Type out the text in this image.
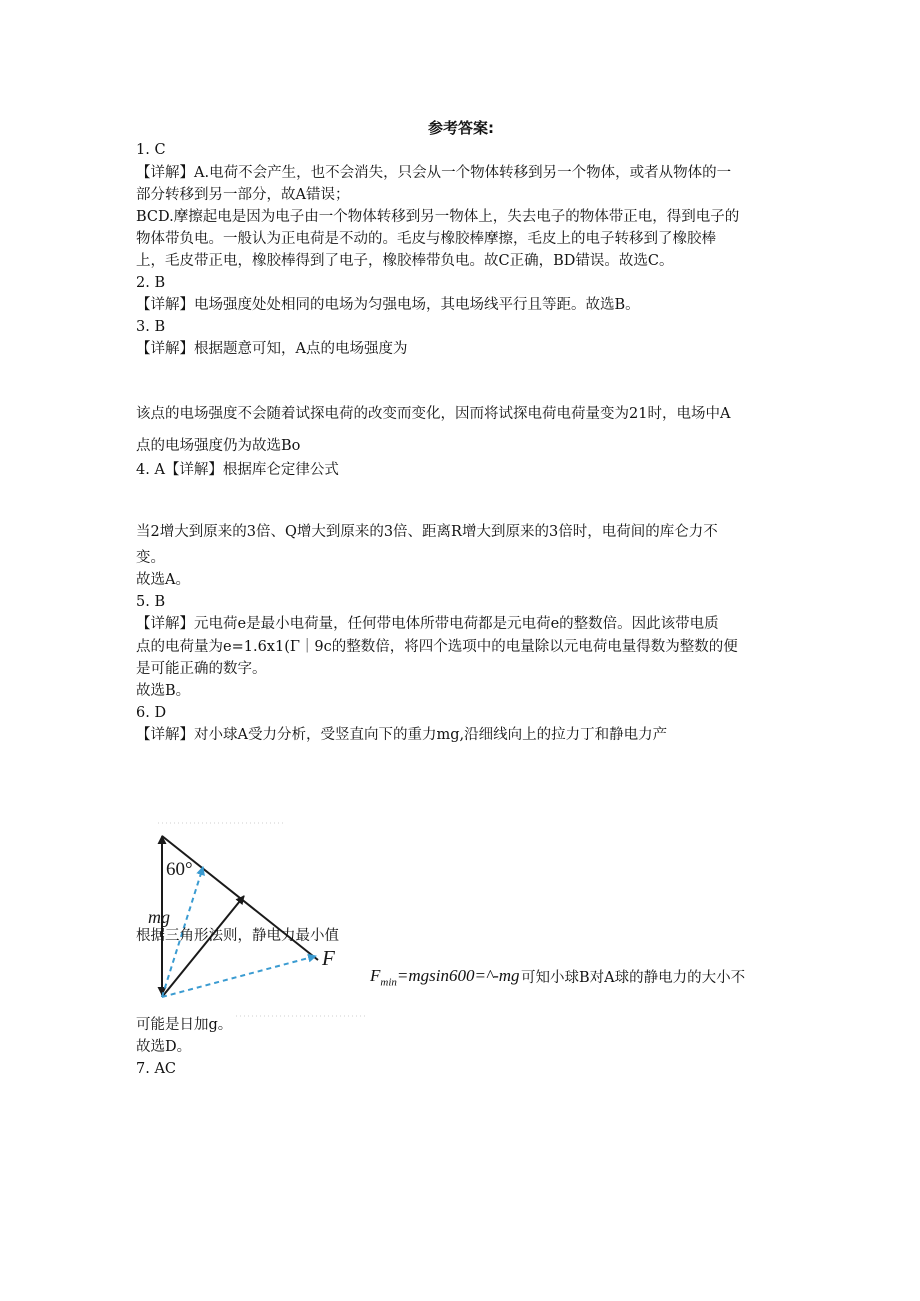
参考答案:
1. C
【详解】A.电荷不会产生，也不会消失，只会从一个物体转移到另一个物体，或者从物体的一
部分转移到另一部分，故A错误；
BCD.摩擦起电是因为电子由一个物体转移到另一物体上，失去电子的物体带正电，得到电子的
物体带负电。一般认为正电荷是不动的。毛皮与橡胶棒摩擦，毛皮上的电子转移到了橡胶棒
上，毛皮带正电，橡胶棒得到了电子，橡胶棒带负电。故C正确，BD错误。故选C。
2. B
【详解】电场强度处处相同的电场为匀强电场，其电场线平行且等距。故选B。
3. B
【详解】根据题意可知，A点的电场强度为
该点的电场强度不会随着试探电荷的改变而变化，因而将试探电荷电荷量变为21时，电场中A
点的电场强度仍为故选Bo
4. A【详解】根据库仑定律公式
当2增大到原来的3倍、Q增大到原来的3倍、距离R增大到原来的3倍时，电荷间的库仑力不
变。
故选A。
5. B
【详解】元电荷e是最小电荷量，任何带电体所带电荷都是元电荷e的整数倍。因此该带电质
点的电荷量为e=1.6x1(Γ｜9c的整数倍，将四个选项中的电量除以元电荷电量得数为整数的便
是可能正确的数字。
故选B。
6. D
【详解】对小球A受力分析，受竖直向下的重力mg,沿细线向上的拉力丁和静电力产
60°
mg
F
根据三角形法则，静电力最小值
$F_{min}=mgsin600=\^{}-mg$ 可知小球B对A球的静电力的大小不
可能是日加g。
故选D。
7. AC
